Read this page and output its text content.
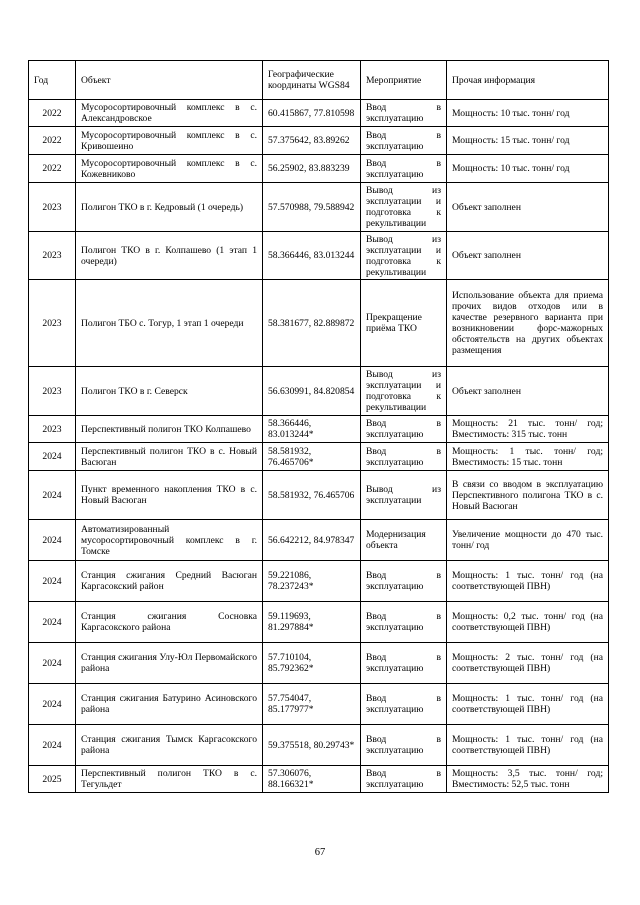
Год	Объект	Географические координаты WGS84	Мероприятие	Прочая информация
2022	Мусоросортировочный комплекс в с. Александровское	60.415867, 77.810598	Ввод в эксплуатацию	Мощность: 10 тыс. тонн/ год
2022	Мусоросортировочный комплекс в с. Кривошеино	57.375642, 83.89262	Ввод в эксплуатацию	Мощность: 15 тыс. тонн/ год
2022	Мусоросортировочный комплекс в с. Кожевниково	56.25902, 83.883239	Ввод в эксплуатацию	Мощность: 10 тыс. тонн/ год
2023	Полигон ТКО в г. Кедровый (1 очередь)	57.570988, 79.588942	Вывод из эксплуатации и подготовка к рекультивации	Объект заполнен
2023	Полигон ТКО в г. Колпашево (1 этап 1 очереди)	58.366446, 83.013244	Вывод из эксплуатации и подготовка к рекультивации	Объект заполнен
2023	Полигон ТБО с. Тогур, 1 этап 1 очереди	58.381677, 82.889872	Прекращение приёма ТКО	Использование объекта для приема прочих видов отходов или в качестве резервного варианта при возникновении форс-мажорных обстоятельств на других объектах размещения
2023	Полигон ТКО в г. Северск	56.630991, 84.820854	Вывод из эксплуатации и подготовка к рекультивации	Объект заполнен
2023	Перспективный полигон ТКО Колпашево	58.366446, 83.013244*	Ввод в эксплуатацию	Мощность: 21 тыс. тонн/ год; Вместимость: 315 тыс. тонн
2024	Перспективный полигон ТКО в с. Новый Васюган	58.581932, 76.465706*	Ввод в эксплуатацию	Мощность: 1 тыс. тонн/ год; Вместимость: 15 тыс. тонн
2024	Пункт временного накопления ТКО в с. Новый Васюган	58.581932, 76.465706	Вывод из эксплуатации	В связи со вводом в эксплуатацию Перспективного полигона ТКО в с. Новый Васюган
2024	Автоматизированный мусоросортировочный комплекс в г. Томске	56.642212, 84.978347	Модернизация объекта	Увеличение мощности до 470 тыс. тонн/ год
2024	Станция сжигания Средний Васюган Каргасокский район	59.221086, 78.237243*	Ввод в эксплуатацию	Мощность: 1 тыс. тонн/ год (на соответствующей ПВН)
2024	Станция сжигания Сосновка Каргасокского района	59.119693, 81.297884*	Ввод в эксплуатацию	Мощность: 0,2 тыс. тонн/ год (на соответствующей ПВН)
2024	Станция сжигания Улу-Юл Первомайского района	57.710104, 85.792362*	Ввод в эксплуатацию	Мощность: 2 тыс. тонн/ год (на соответствующей ПВН)
2024	Станция сжигания Батурино Асиновского района	57.754047, 85.177977*	Ввод в эксплуатацию	Мощность: 1 тыс. тонн/ год (на соответствующей ПВН)
2024	Станция сжигания Тымск Каргасокского района	59.375518, 80.29743*	Ввод в эксплуатацию	Мощность: 1 тыс. тонн/ год (на соответствующей ПВН)
2025	Перспективный полигон ТКО в с. Тегульдет	57.306076, 88.166321*	Ввод в эксплуатацию	Мощность: 3,5 тыс. тонн/ год; Вместимость: 52,5 тыс. тонн
67
